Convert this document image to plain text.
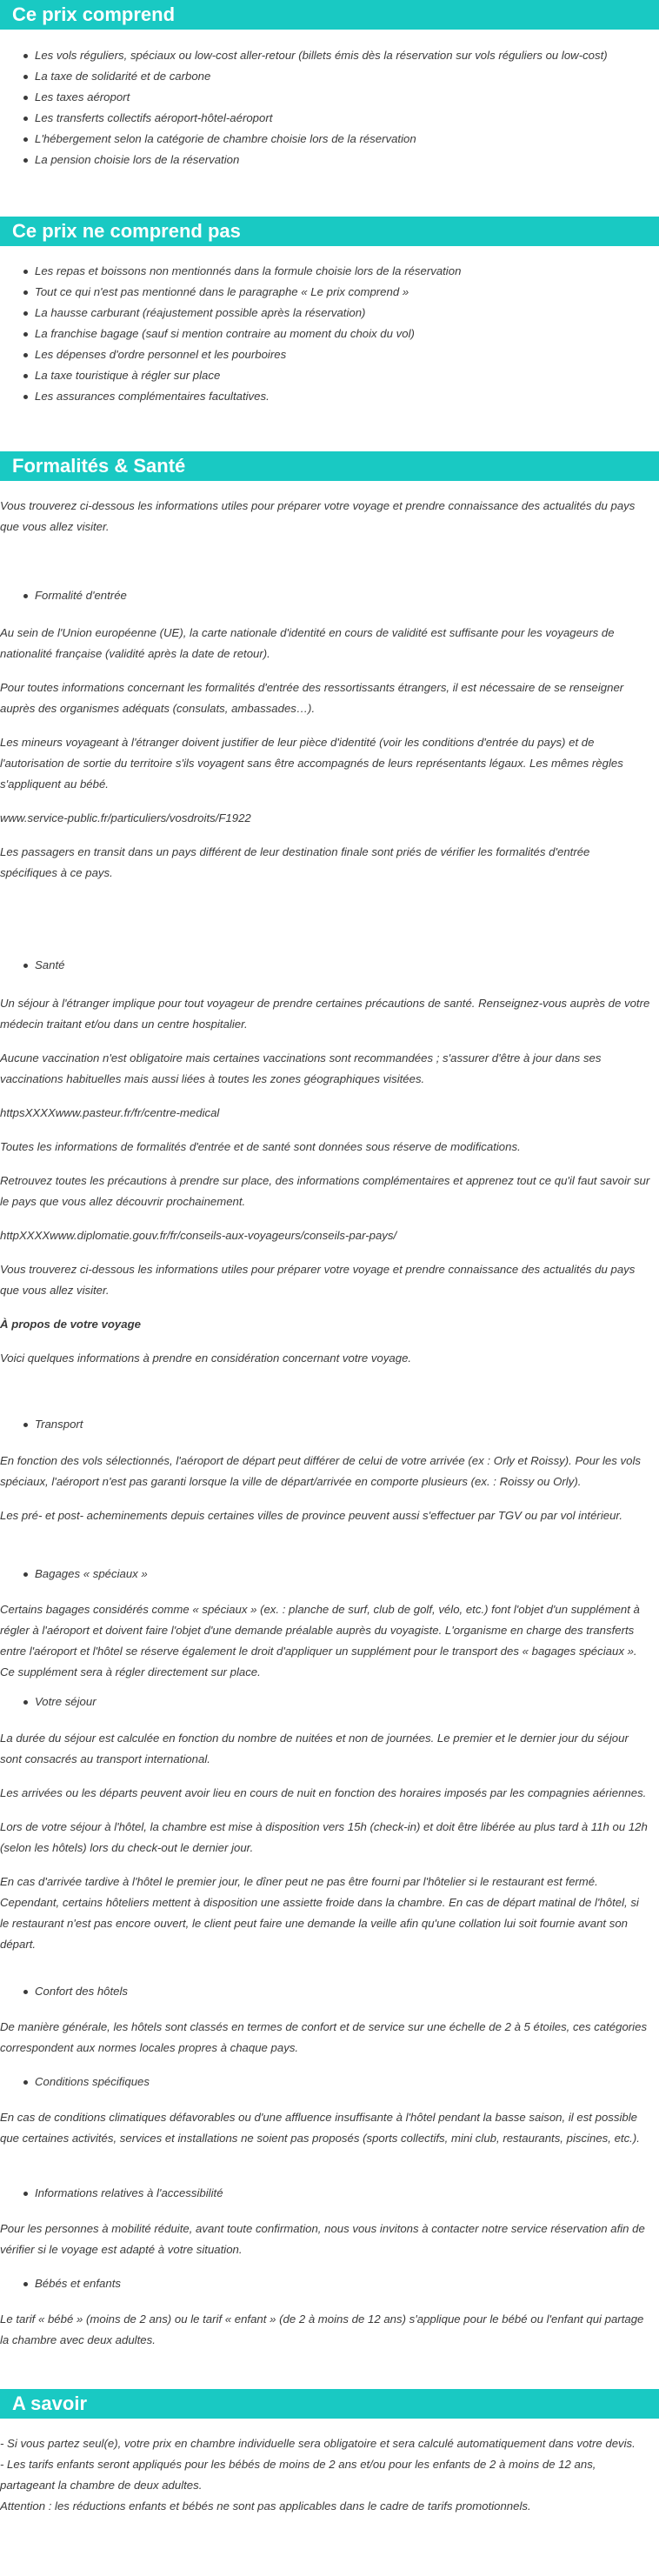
Ce prix comprend
Les vols réguliers, spéciaux ou low-cost aller-retour (billets émis dès la réservation sur vols réguliers ou low-cost)
La taxe de solidarité et de carbone
Les taxes aéroport
Les transferts collectifs aéroport-hôtel-aéroport
L'hébergement selon la catégorie de chambre choisie lors de la réservation
La pension choisie lors de la réservation
Ce prix ne comprend pas
Les repas et boissons non mentionnés dans la formule choisie lors de la réservation
Tout ce qui n'est pas mentionné dans le paragraphe « Le prix comprend »
La hausse carburant (réajustement possible après la réservation)
La franchise bagage (sauf si mention contraire au moment du choix du vol)
Les dépenses d'ordre personnel et les pourboires
La taxe touristique à régler sur place
Les assurances complémentaires facultatives.
Formalités & Santé

Vous trouverez ci-dessous les informations utiles pour préparer votre voyage et prendre connaissance des actualités du pays que vous allez visiter.

Formalité d'entrée

Au sein de l'Union européenne (UE), la carte nationale d'identité en cours de validité est suffisante pour les voyageurs de nationalité française (validité après la date de retour).

Pour toutes informations concernant les formalités d'entrée des ressortissants étrangers, il est nécessaire de se renseigner auprès des organismes adéquats (consulats, ambassades…).

Les mineurs voyageant à l'étranger doivent justifier de leur pièce d'identité (voir les conditions d'entrée du pays) et de l'autorisation de sortie du territoire s'ils voyagent sans être accompagnés de leurs représentants légaux. Les mêmes règles s'appliquent au bébé.

www.service-public.fr/particuliers/vosdroits/F1922

Les passagers en transit dans un pays différent de leur destination finale sont priés de vérifier les formalités d'entrée spécifiques à ce pays.

Santé

Un séjour à l'étranger implique pour tout voyageur de prendre certaines précautions de santé. Renseignez-vous auprès de votre médecin traitant et/ou dans un centre hospitalier.

Aucune vaccination n'est obligatoire mais certaines vaccinations sont recommandées ; s'assurer d'être à jour dans ses vaccinations habituelles mais aussi liées à toutes les zones géographiques visitées.

httpsXXXXwww.pasteur.fr/fr/centre-medical

Toutes les informations de formalités d'entrée et de santé sont données sous réserve de modifications.

Retrouvez toutes les précautions à prendre sur place, des informations complémentaires et apprenez tout ce qu'il faut savoir sur le pays que vous allez découvrir prochainement.

httpXXXXwww.diplomatie.gouv.fr/fr/conseils-aux-voyageurs/conseils-par-pays/

Vous trouverez ci-dessous les informations utiles pour préparer votre voyage et prendre connaissance des actualités du pays que vous allez visiter.

À propos de votre voyage

Voici quelques informations à prendre en considération concernant votre voyage.

Transport

En fonction des vols sélectionnés, l'aéroport de départ peut différer de celui de votre arrivée (ex : Orly et Roissy). Pour les vols spéciaux, l'aéroport n'est pas garanti lorsque la ville de départ/arrivée en comporte plusieurs (ex. : Roissy ou Orly).

Les pré- et post- acheminements depuis certaines villes de province peuvent aussi s'effectuer par TGV ou par vol intérieur.

Bagages « spéciaux »

Certains bagages considérés comme « spéciaux » (ex. : planche de surf, club de golf, vélo, etc.) font l'objet d'un supplément à régler à l'aéroport et doivent faire l'objet d'une demande préalable auprès du voyagiste. L'organisme en charge des transferts entre l'aéroport et l'hôtel se réserve également le droit d'appliquer un supplément pour le transport des « bagages spéciaux ». Ce supplément sera à régler directement sur place.

Votre séjour

La durée du séjour est calculée en fonction du nombre de nuitées et non de journées. Le premier et le dernier jour du séjour sont consacrés au transport international.

Les arrivées ou les départs peuvent avoir lieu en cours de nuit en fonction des horaires imposés par les compagnies aériennes.

Lors de votre séjour à l'hôtel, la chambre est mise à disposition vers 15h (check-in) et doit être libérée au plus tard à 11h ou 12h (selon les hôtels) lors du check-out le dernier jour.

En cas d'arrivée tardive à l'hôtel le premier jour, le dîner peut ne pas être fourni par l'hôtelier si le restaurant est fermé. Cependant, certains hôteliers mettent à disposition une assiette froide dans la chambre. En cas de départ matinal de l'hôtel, si le restaurant n'est pas encore ouvert, le client peut faire une demande la veille afin qu'une collation lui soit fournie avant son départ.

Confort des hôtels

De manière générale, les hôtels sont classés en termes de confort et de service sur une échelle de 2 à 5 étoiles, ces catégories correspondent aux normes locales propres à chaque pays.

Conditions spécifiques

En cas de conditions climatiques défavorables ou d'une affluence insuffisante à l'hôtel pendant la basse saison, il est possible que certaines activités, services et installations ne soient pas proposés (sports collectifs, mini club, restaurants, piscines, etc.).

Informations relatives à l'accessibilité

Pour les personnes à mobilité réduite, avant toute confirmation, nous vous invitons à contacter notre service réservation afin de vérifier si le voyage est adapté à votre situation.

Bébés et enfants

Le tarif « bébé » (moins de 2 ans) ou le tarif « enfant » (de 2 à moins de 12 ans) s'applique pour le bébé ou l'enfant qui partage la chambre avec deux adultes.

A savoir

- Si vous partez seul(e), votre prix en chambre individuelle sera obligatoire et sera calculé automatiquement dans votre devis.

- Les tarifs enfants seront appliqués pour les bébés de moins de 2 ans et/ou pour les enfants de 2 à moins de 12 ans, partageant la chambre de deux adultes.

Attention : les réductions enfants et bébés ne sont pas applicables dans le cadre de tarifs promotionnels.
